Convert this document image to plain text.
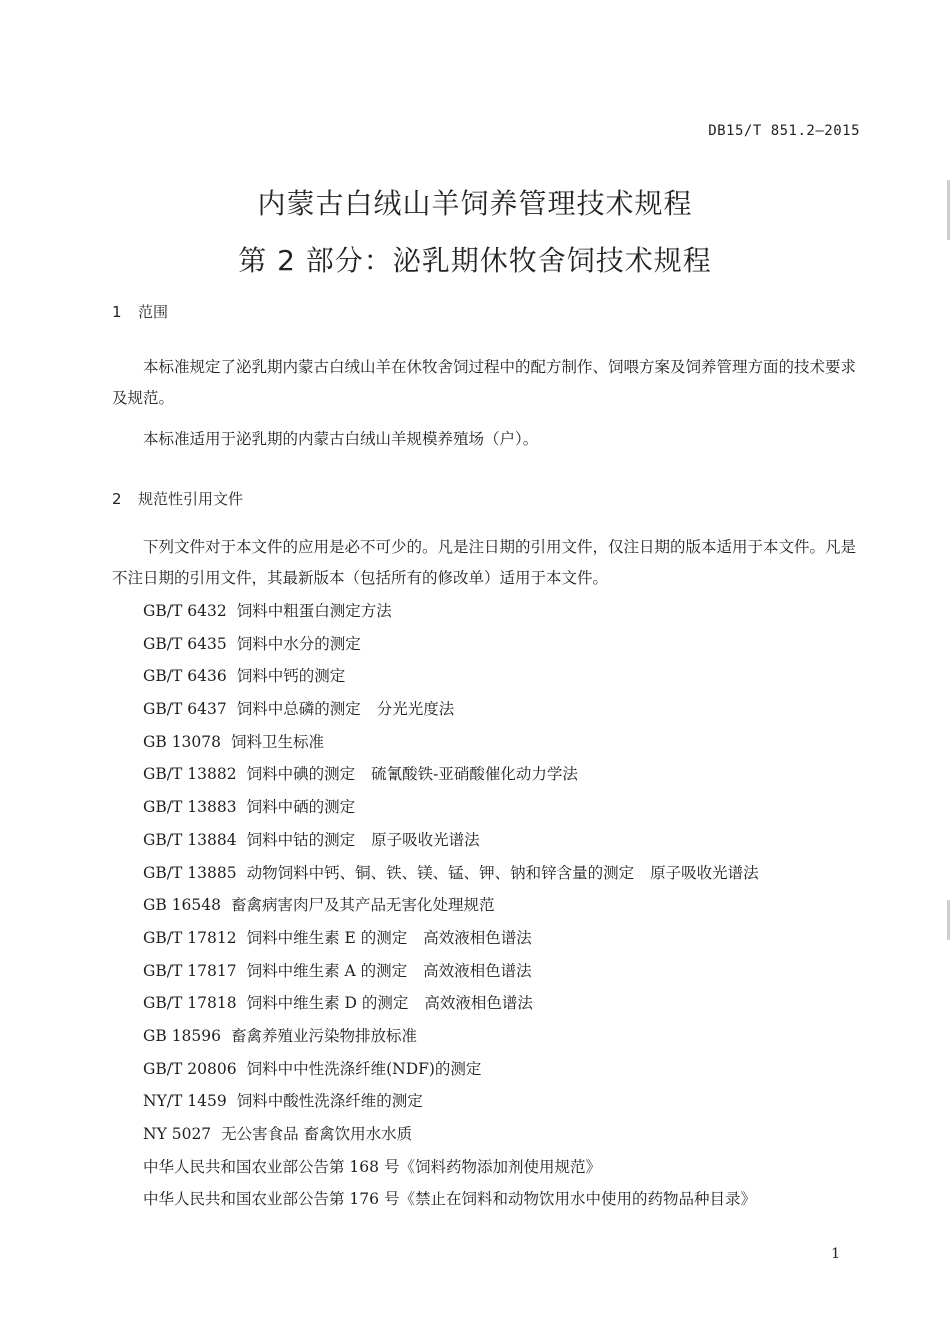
DB15/T 851.2—2015
内蒙古白绒山羊饲养管理技术规程
第 2 部分：泌乳期休牧舍饲技术规程
1 范围

本标准规定了泌乳期内蒙古白绒山羊在休牧舍饲过程中的配方制作、饲喂方案及饲养管理方面的技术要求及规范。

本标准适用于泌乳期的内蒙古白绒山羊规模养殖场（户）。

2 规范性引用文件

下列文件对于本文件的应用是必不可少的。凡是注日期的引用文件，仅注日期的版本适用于本文件。凡是不注日期的引用文件，其最新版本（包括所有的修改单）适用于本文件。

GB/T 6432 饲料中粗蛋白测定方法
GB/T 6435 饲料中水分的测定
GB/T 6436 饲料中钙的测定
GB/T 6437 饲料中总磷的测定 分光光度法
GB 13078 饲料卫生标准
GB/T 13882 饲料中碘的测定 硫氰酸铁-亚硝酸催化动力学法
GB/T 13883 饲料中硒的测定
GB/T 13884 饲料中钴的测定 原子吸收光谱法
GB/T 13885 动物饲料中钙、铜、铁、镁、锰、钾、钠和锌含量的测定 原子吸收光谱法
GB 16548 畜禽病害肉尸及其产品无害化处理规范
GB/T 17812 饲料中维生素 E 的测定 高效液相色谱法
GB/T 17817 饲料中维生素 A 的测定 高效液相色谱法
GB/T 17818 饲料中维生素 D 的测定 高效液相色谱法
GB 18596 畜禽养殖业污染物排放标准
GB/T 20806 饲料中中性洗涤纤维(NDF)的测定
NY/T 1459 饲料中酸性洗涤纤维的测定
NY 5027 无公害食品 畜禽饮用水水质
中华人民共和国农业部公告第 168 号《饲料药物添加剂使用规范》
中华人民共和国农业部公告第 176 号《禁止在饲料和动物饮用水中使用的药物品种目录》
1
